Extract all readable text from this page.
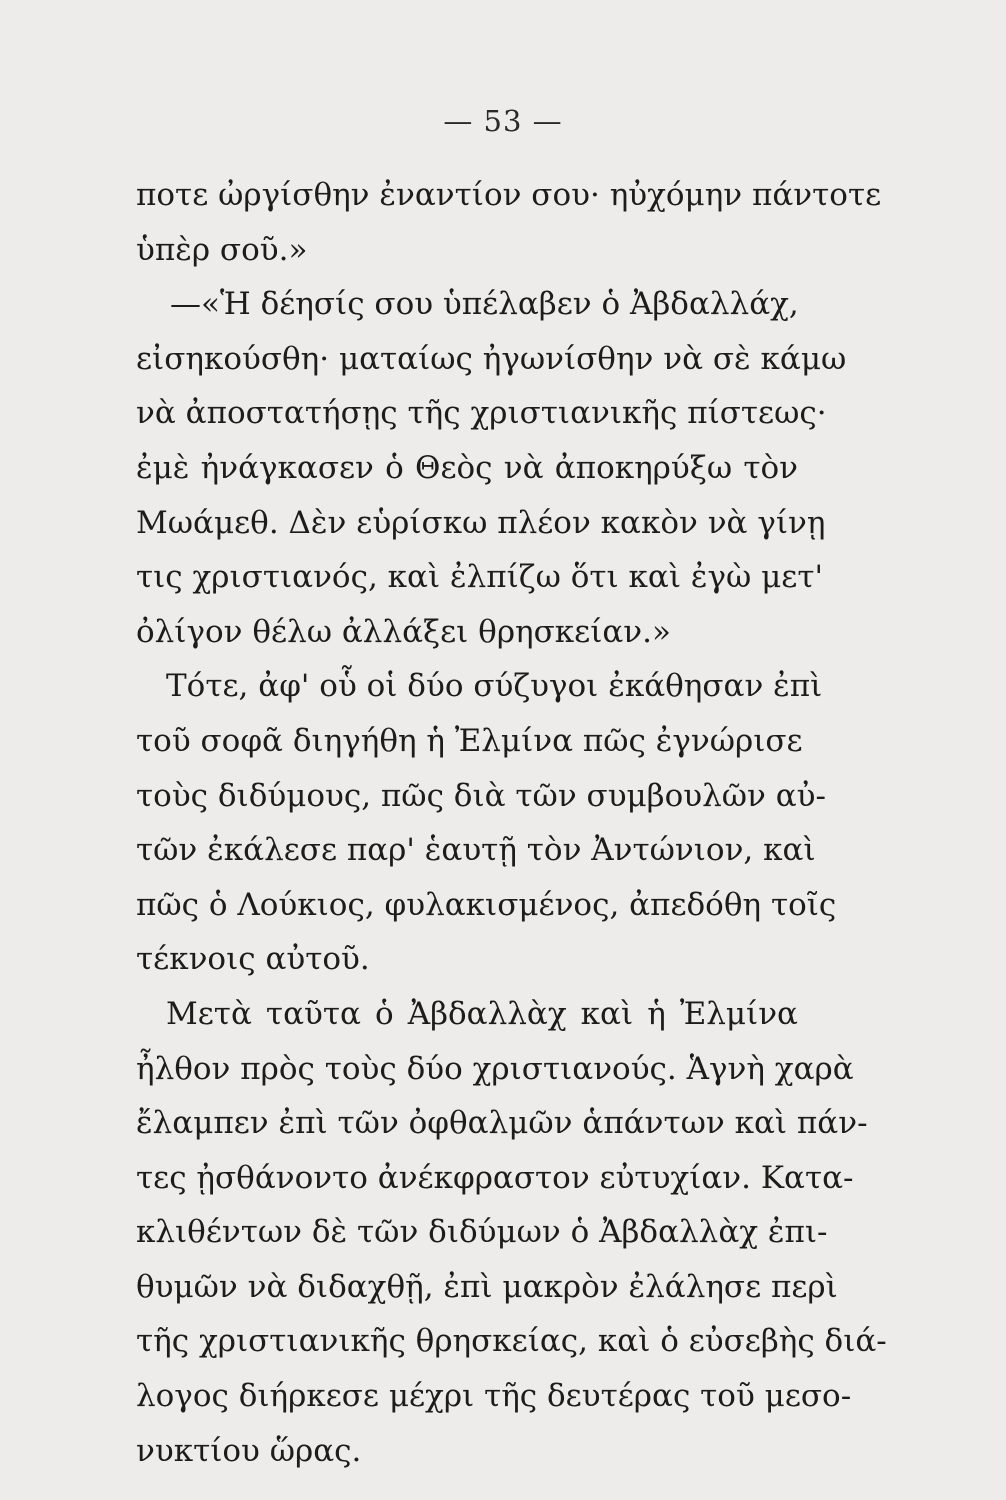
— 53 —
ποτε ὠργίσθην ἐναντίον σου· ηὐχόμην πάντοτε
ὑπὲρ σοῦ.»
—«Ἡ δέησίς σου ὑπέλαβεν ὁ Ἀβδαλλάχ,
εἰσηκούσθη· ματαίως ἠγωνίσθην νὰ σὲ κάμω
νὰ ἀποστατήσῃς τῆς χριστιανικῆς πίστεως·
ἐμὲ ἠνάγκασεν ὁ Θεὸς νὰ ἀποκηρύξω τὸν
Μωάμεθ. Δὲν εὑρίσκω πλέον κακὸν νὰ γίνῃ
τις χριστιανός, καὶ ἐλπίζω ὅτι καὶ ἐγὼ μετ'
ὀλίγον θέλω ἀλλάξει θρησκείαν.»
Τότε, ἀφ' οὗ οἱ δύο σύζυγοι ἐκάθησαν ἐπὶ
τοῦ σοφᾶ διηγήθη ἡ Ἐλμίνα πῶς ἐγνώρισε
τοὺς διδύμους, πῶς διὰ τῶν συμβουλῶν αὐ-
τῶν ἐκάλεσε παρ' ἑαυτῇ τὸν Ἀντώνιον, καὶ
πῶς ὁ Λούκιος, φυλακισμένος, ἀπεδόθη τοῖς
τέκνοις αὐτοῦ.
Μετὰ ταῦτα ὁ Ἀβδαλλὰχ καὶ ἡ Ἐλμίνα
ἦλθον πρὸς τοὺς δύο χριστιανούς. Ἁγνὴ χαρὰ
ἔλαμπεν ἐπὶ τῶν ὀφθαλμῶν ἁπάντων καὶ πάν-
τες ᾐσθάνοντο ἀνέκφραστον εὐτυχίαν. Κατα-
κλιθέντων δὲ τῶν διδύμων ὁ Ἀβδαλλὰχ ἐπι-
θυμῶν νὰ διδαχθῇ, ἐπὶ μακρὸν ἐλάλησε περὶ
τῆς χριστιανικῆς θρησκείας, καὶ ὁ εὐσεβὴς διά-
λογος διήρκεσε μέχρι τῆς δευτέρας τοῦ μεσο-
νυκτίου ὥρας.
